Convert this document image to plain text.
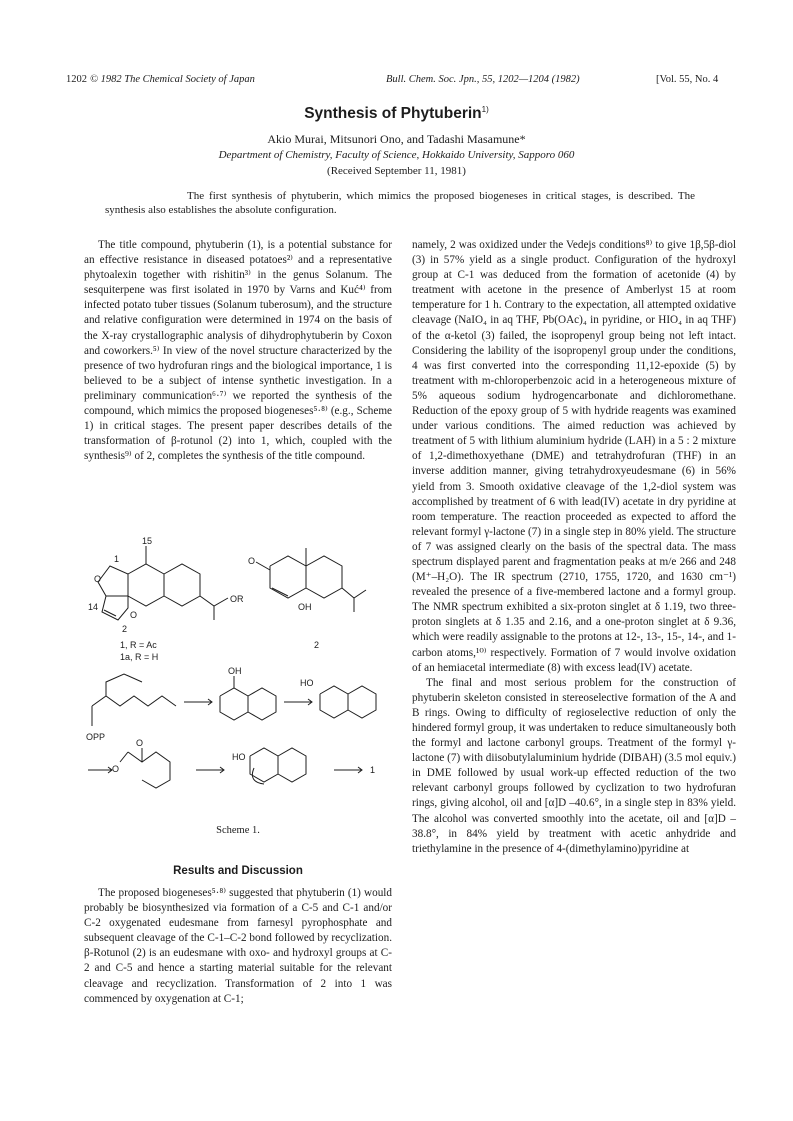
1202 © 1982 The Chemical Society of Japan	Bull. Chem. Soc. Jpn., 55, 1202—1204 (1982)	[Vol. 55, No. 4
Synthesis of Phytuberin$^{1)}$
Akio Murai, Mitsunori Ono, and Tadashi Masamune*
Department of Chemistry, Faculty of Science, Hokkaido University, Sapporo 060
(Received September 11, 1981)
The first synthesis of phytuberin, which mimics the proposed biogeneses in critical stages, is described. The synthesis also establishes the absolute configuration.
The title compound, phytuberin (1), is a potential substance for an effective resistance in diseased potatoes²⁾ and a representative phytoalexin together with rishitin³⁾ in the genus Solanum. The sesquiterpene was first isolated in 1970 by Varns and Kuć⁴⁾ from infected potato tuber tissues (Solanum tuberosum), and the structure and relative configuration were determined in 1974 on the basis of the X-ray crystallographic analysis of dihydrophytuberin by Coxon and coworkers.⁵⁾ In view of the novel structure characterized by the presence of two hydrofuran rings and the biological importance, 1 is believed to be a subject of intense synthetic investigation. In a preliminary communication⁶·⁷⁾ we reported the synthesis of the compound, which mimics the proposed biogeneses⁵·⁸⁾ (e.g., Scheme 1) in critical stages. The present paper describes details of the transformation of β-rotunol (2) into 1, which, coupled with the synthesis⁹⁾ of 2, completes the synthesis of the title compound.
15
1
14
2
O
O
OR
1, R = Ac
1a, R = H
O
OH
2
OPP
OH
HO
O
O
HO
1
Scheme 1.
Results and Discussion
The proposed biogeneses⁵·⁸⁾ suggested that phytuberin (1) would probably be biosynthesized via formation of a C-5 and C-1 and/or C-2 oxygenated eudesmane from farnesyl pyrophosphate and subsequent cleavage of the C-1–C-2 bond followed by recyclization. β-Rotunol (2) is an eudesmane with oxo- and hydroxyl groups at C-2 and C-5 and hence a starting material suitable for the relevant cleavage and recyclization. Transformation of 2 into 1 was commenced by oxygenation at C-1;
namely, 2 was oxidized under the Vedejs conditions⁸⁾ to give 1β,5β-diol (3) in 57% yield as a single product. Configuration of the hydroxyl group at C-1 was deduced from the formation of acetonide (4) by treatment with acetone in the presence of Amberlyst 15 at room temperature for 1 h. Contrary to the expectation, all attempted oxidative cleavage (NaIO₄ in aq THF, Pb(OAc)₄ in pyridine, or HIO₄ in aq THF) of the α-ketol (3) failed, the isopropenyl group being not left intact. Considering the lability of the isopropenyl group under the conditions, 4 was first converted into the corresponding 11,12-epoxide (5) by treatment with m-chloroperbenzoic acid in a heterogeneous mixture of 5% aqueous sodium hydrogencarbonate and dichloromethane. Reduction of the epoxy group of 5 with hydride reagents was examined under various conditions. The aimed reduction was achieved by treatment of 5 with lithium aluminium hydride (LAH) in a 5 : 2 mixture of 1,2-dimethoxyethane (DME) and tetrahydrofuran (THF) in an inverse addition manner, giving tetrahydroxyeudesmane (6) in 56% yield from 3. Smooth oxidative cleavage of the 1,2-diol system was accomplished by treatment of 6 with lead(IV) acetate in dry pyridine at room temperature. The reaction proceeded as expected to afford the relevant formyl γ-lactone (7) in a single step in 80% yield. The structure of 7 was assigned clearly on the basis of the spectral data. The mass spectrum displayed parent and fragmentation peaks at m/e 266 and 248 (M⁺–H₂O). The IR spectrum (2710, 1755, 1720, and 1630 cm⁻¹) revealed the presence of a five-membered lactone and a formyl group. The NMR spectrum exhibited a six-proton singlet at δ 1.19, two three-proton singlets at δ 1.35 and 2.16, and a one-proton singlet at δ 9.36, which were readily assignable to the protons at 12-, 13-, 15-, 14-, and 1-carbon atoms,¹⁰⁾ respectively. Formation of 7 would involve oxidation of an hemiacetal intermediate (8) with excess lead(IV) acetate.
The final and most serious problem for the construction of phytuberin skeleton consisted in stereoselective formation of the A and B rings. Owing to difficulty of regioselective reduction of only the hindered formyl group, it was undertaken to reduce simultaneously both the formyl and lactone carbonyl groups. Treatment of the formyl γ-lactone (7) with diisobutylaluminium hydride (DIBAH) (3.5 mol equiv.) in DME followed by usual work-up effected reduction of the two relevant carbonyl groups followed by cyclization to two hydrofuran rings, giving alcohol, oil and [α]D –40.6°, in a single step in 83% yield. The alcohol was converted smoothly into the acetate, oil and [α]D –38.8°, in 84% yield by treatment with acetic anhydride and triethylamine in the presence of 4-(dimethylamino)pyridine at
